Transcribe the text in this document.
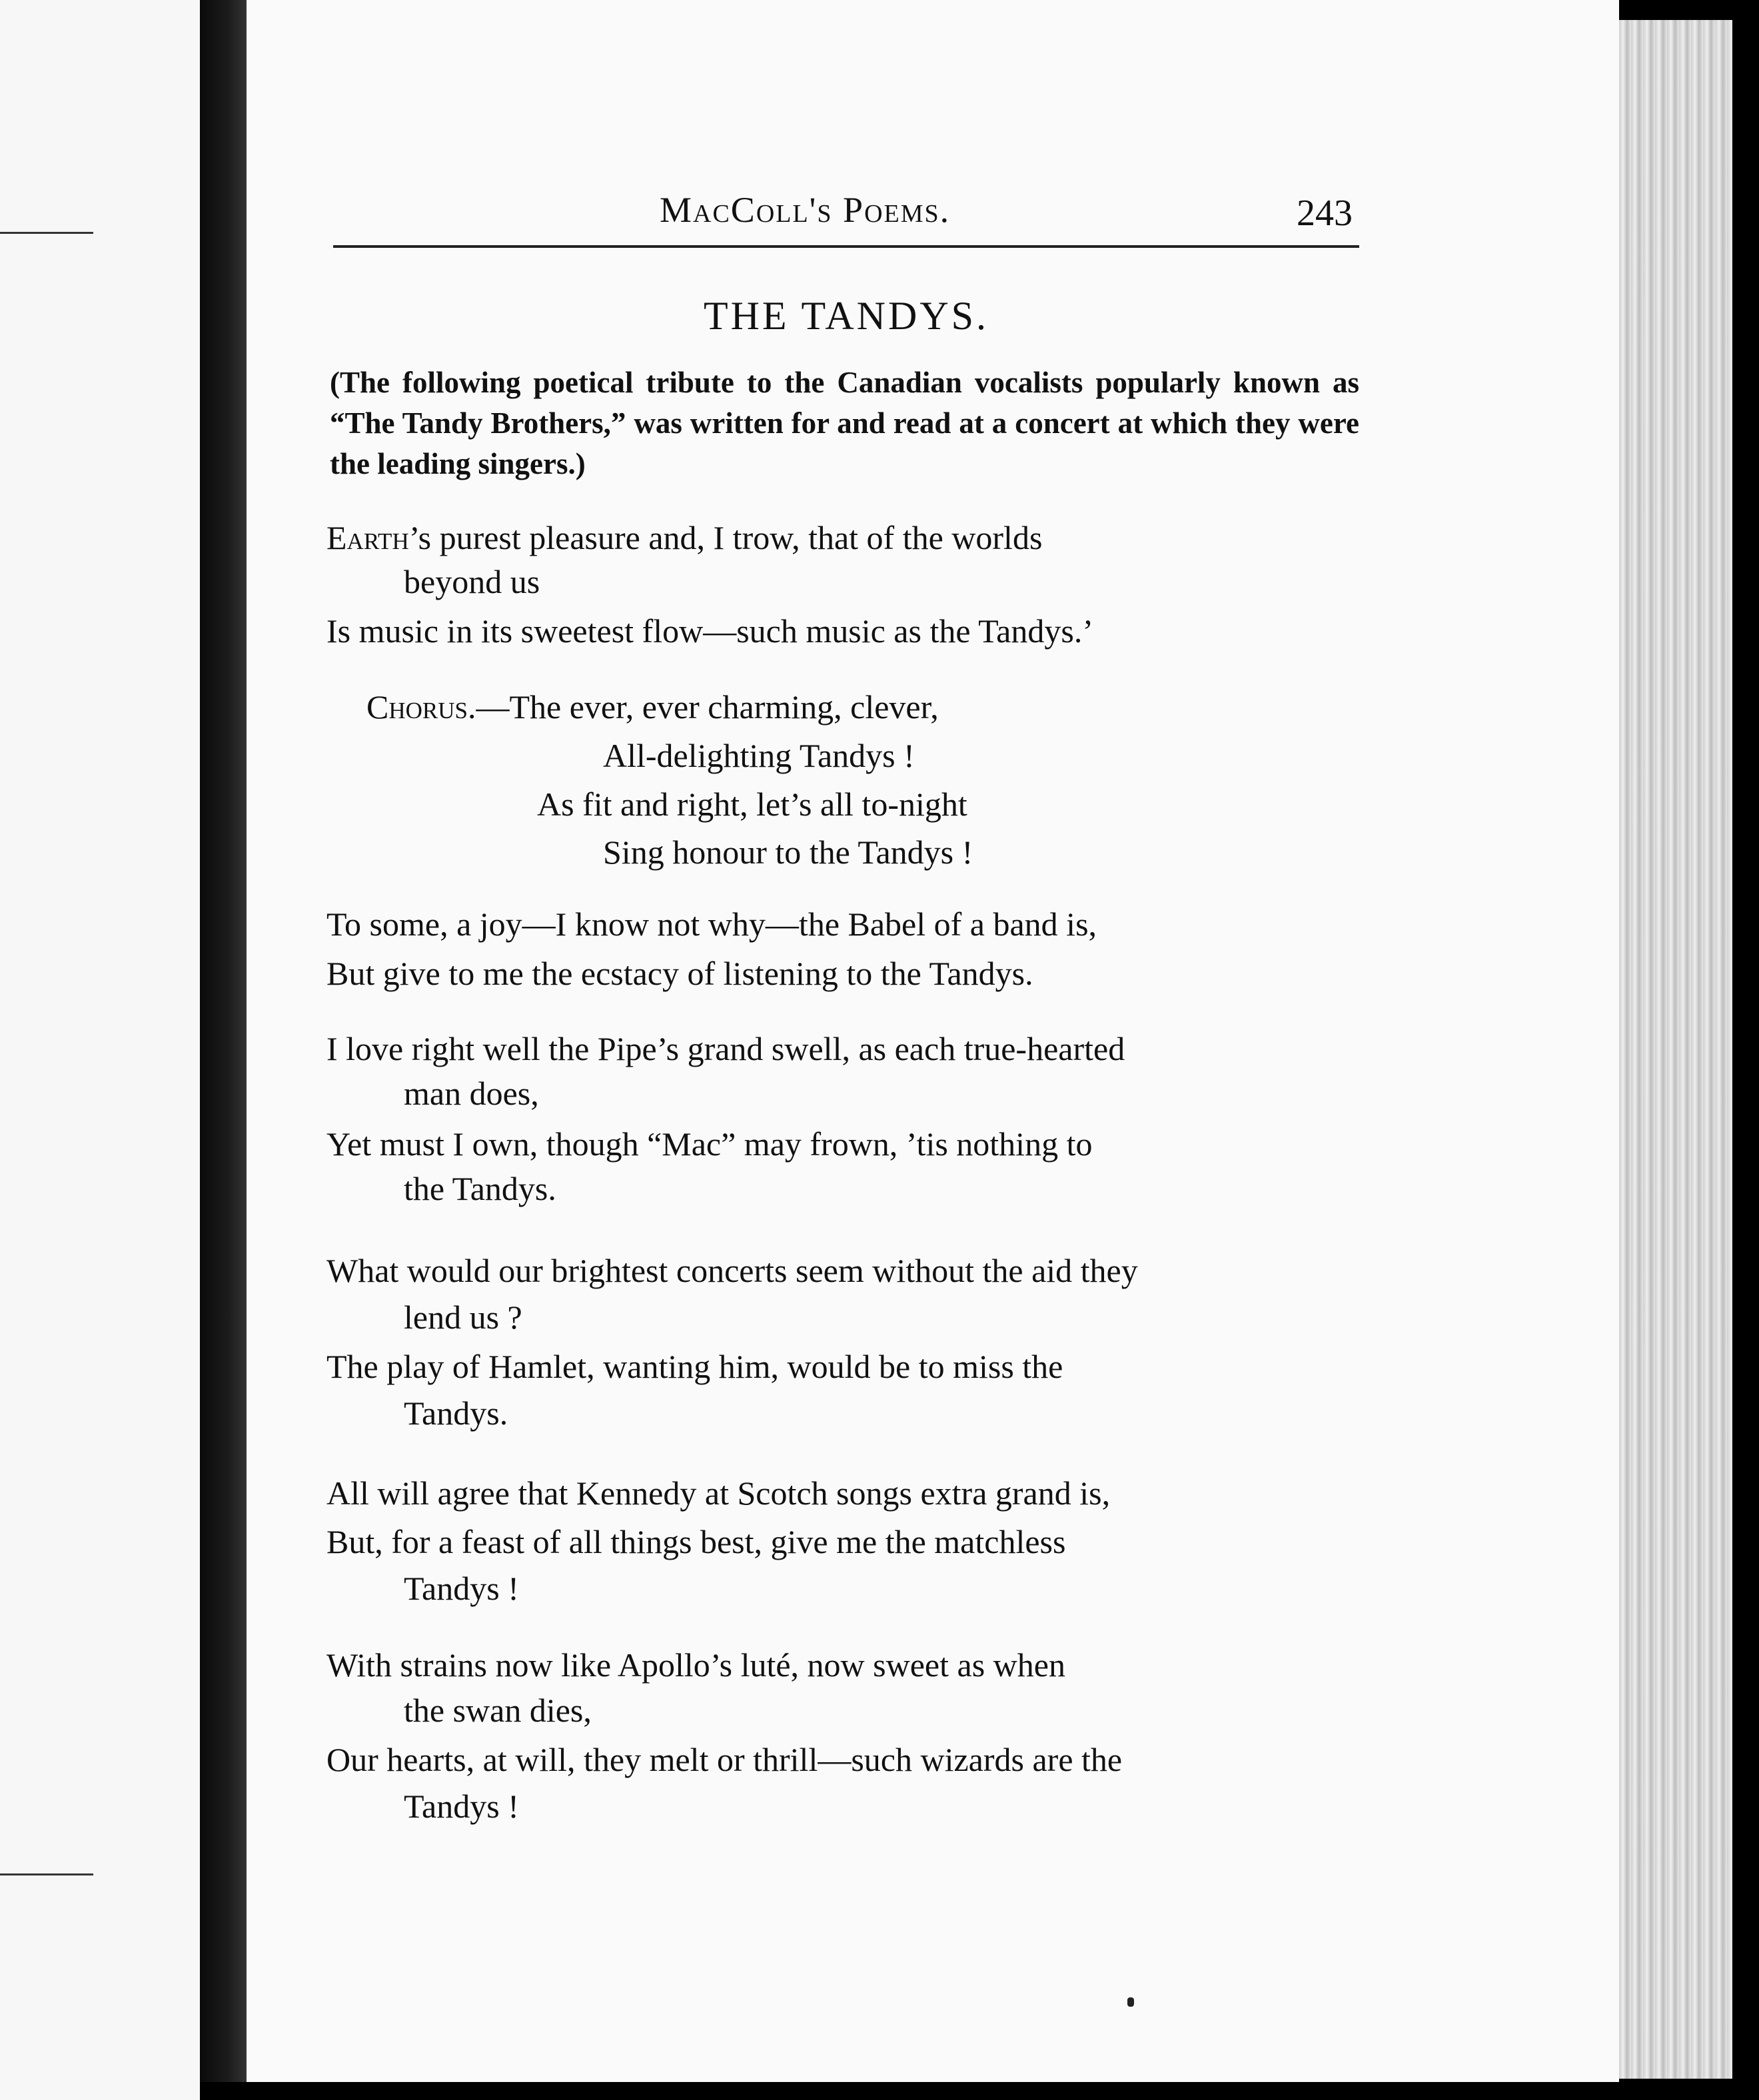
MacColl's Poems.	243
THE TANDYS.

(The following poetical tribute to the Canadian vocalists popularly known as “The Tandy Brothers,” was written for and read at a concert at which they were the leading singers.)

Earth’s purest pleasure and, I trow, that of the worlds
beyond us
Is music in its sweetest flow—such music as the Tandys.’
Chorus.—The ever, ever charming, clever,
All-delighting Tandys !
As fit and right, let’s all to-night
Sing honour to the Tandys !
To some, a joy—I know not why—the Babel of a band is,
But give to me the ecstacy of listening to the Tandys.
I love right well the Pipe’s grand swell, as each true-hearted
man does,
Yet must I own, though “Mac” may frown, ’tis nothing to
the Tandys.
What would our brightest concerts seem without the aid they
lend us ?
The play of Hamlet, wanting him, would be to miss the
Tandys.
All will agree that Kennedy at Scotch songs extra grand is,
But, for a feast of all things best, give me the matchless
Tandys !
With strains now like Apollo’s luté, now sweet as when
the swan dies,
Our hearts, at will, they melt or thrill—such wizards are the
Tandys !
